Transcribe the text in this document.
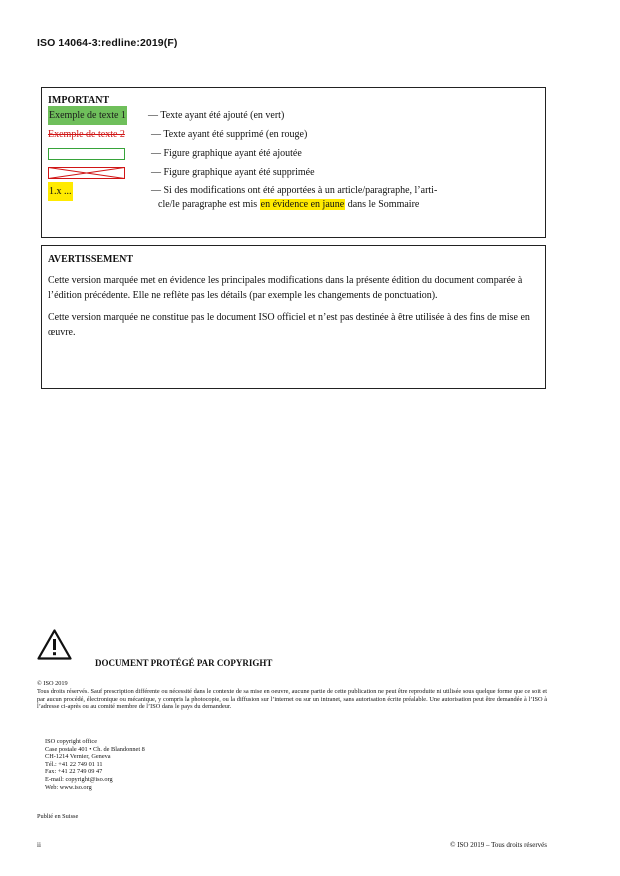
ISO 14064-3:redline:2019(F)
IMPORTANT
Exemple de texte 1 — Texte ayant été ajouté (en vert)
Exemple de texte 2	— Texte ayant été supprimé (en rouge)
— Figure graphique ayant été ajoutée
— Figure graphique ayant été supprimée
1.x ...	— Si des modifications ont été apportées à un article/paragraphe, l’arti-
cle/le paragraphe est mis en évidence en jaune dans le Sommaire
AVERTISSEMENT

Cette version marquée met en évidence les principales modifications dans la présente édition du document comparée à l’édition précédente. Elle ne reflète pas les détails (par exemple les changements de ponctuation).

Cette version marquée ne constitue pas le document ISO officiel et n’est pas destinée à être utilisée à des fins de mise en œuvre.

DOCUMENT PROTÉGÉ PAR COPYRIGHT
© ISO 2019
Tous droits réservés. Sauf prescription différente ou nécessité dans le contexte de sa mise en oeuvre, aucune partie de cette publication ne peut être reproduite ni utilisée sous quelque forme que ce soit et par aucun procédé, électronique ou mécanique, y compris la photocopie, ou la diffusion sur l’internet ou sur un intranet, sans autorisation écrite préalable. Une autorisation peut être demandée à l’ISO à l’adresse ci-après ou au comité membre de l’ISO dans le pays du demandeur.
ISO copyright office
Case postale 401 • Ch. de Blandonnet 8
CH-1214 Vernier, Geneva
Tél.: +41 22 749 01 11
Fax: +41 22 749 09 47
E-mail: copyright@iso.org
Web: www.iso.org
Publié en Suisse
ii	© ISO 2019 – Tous droits réservés
